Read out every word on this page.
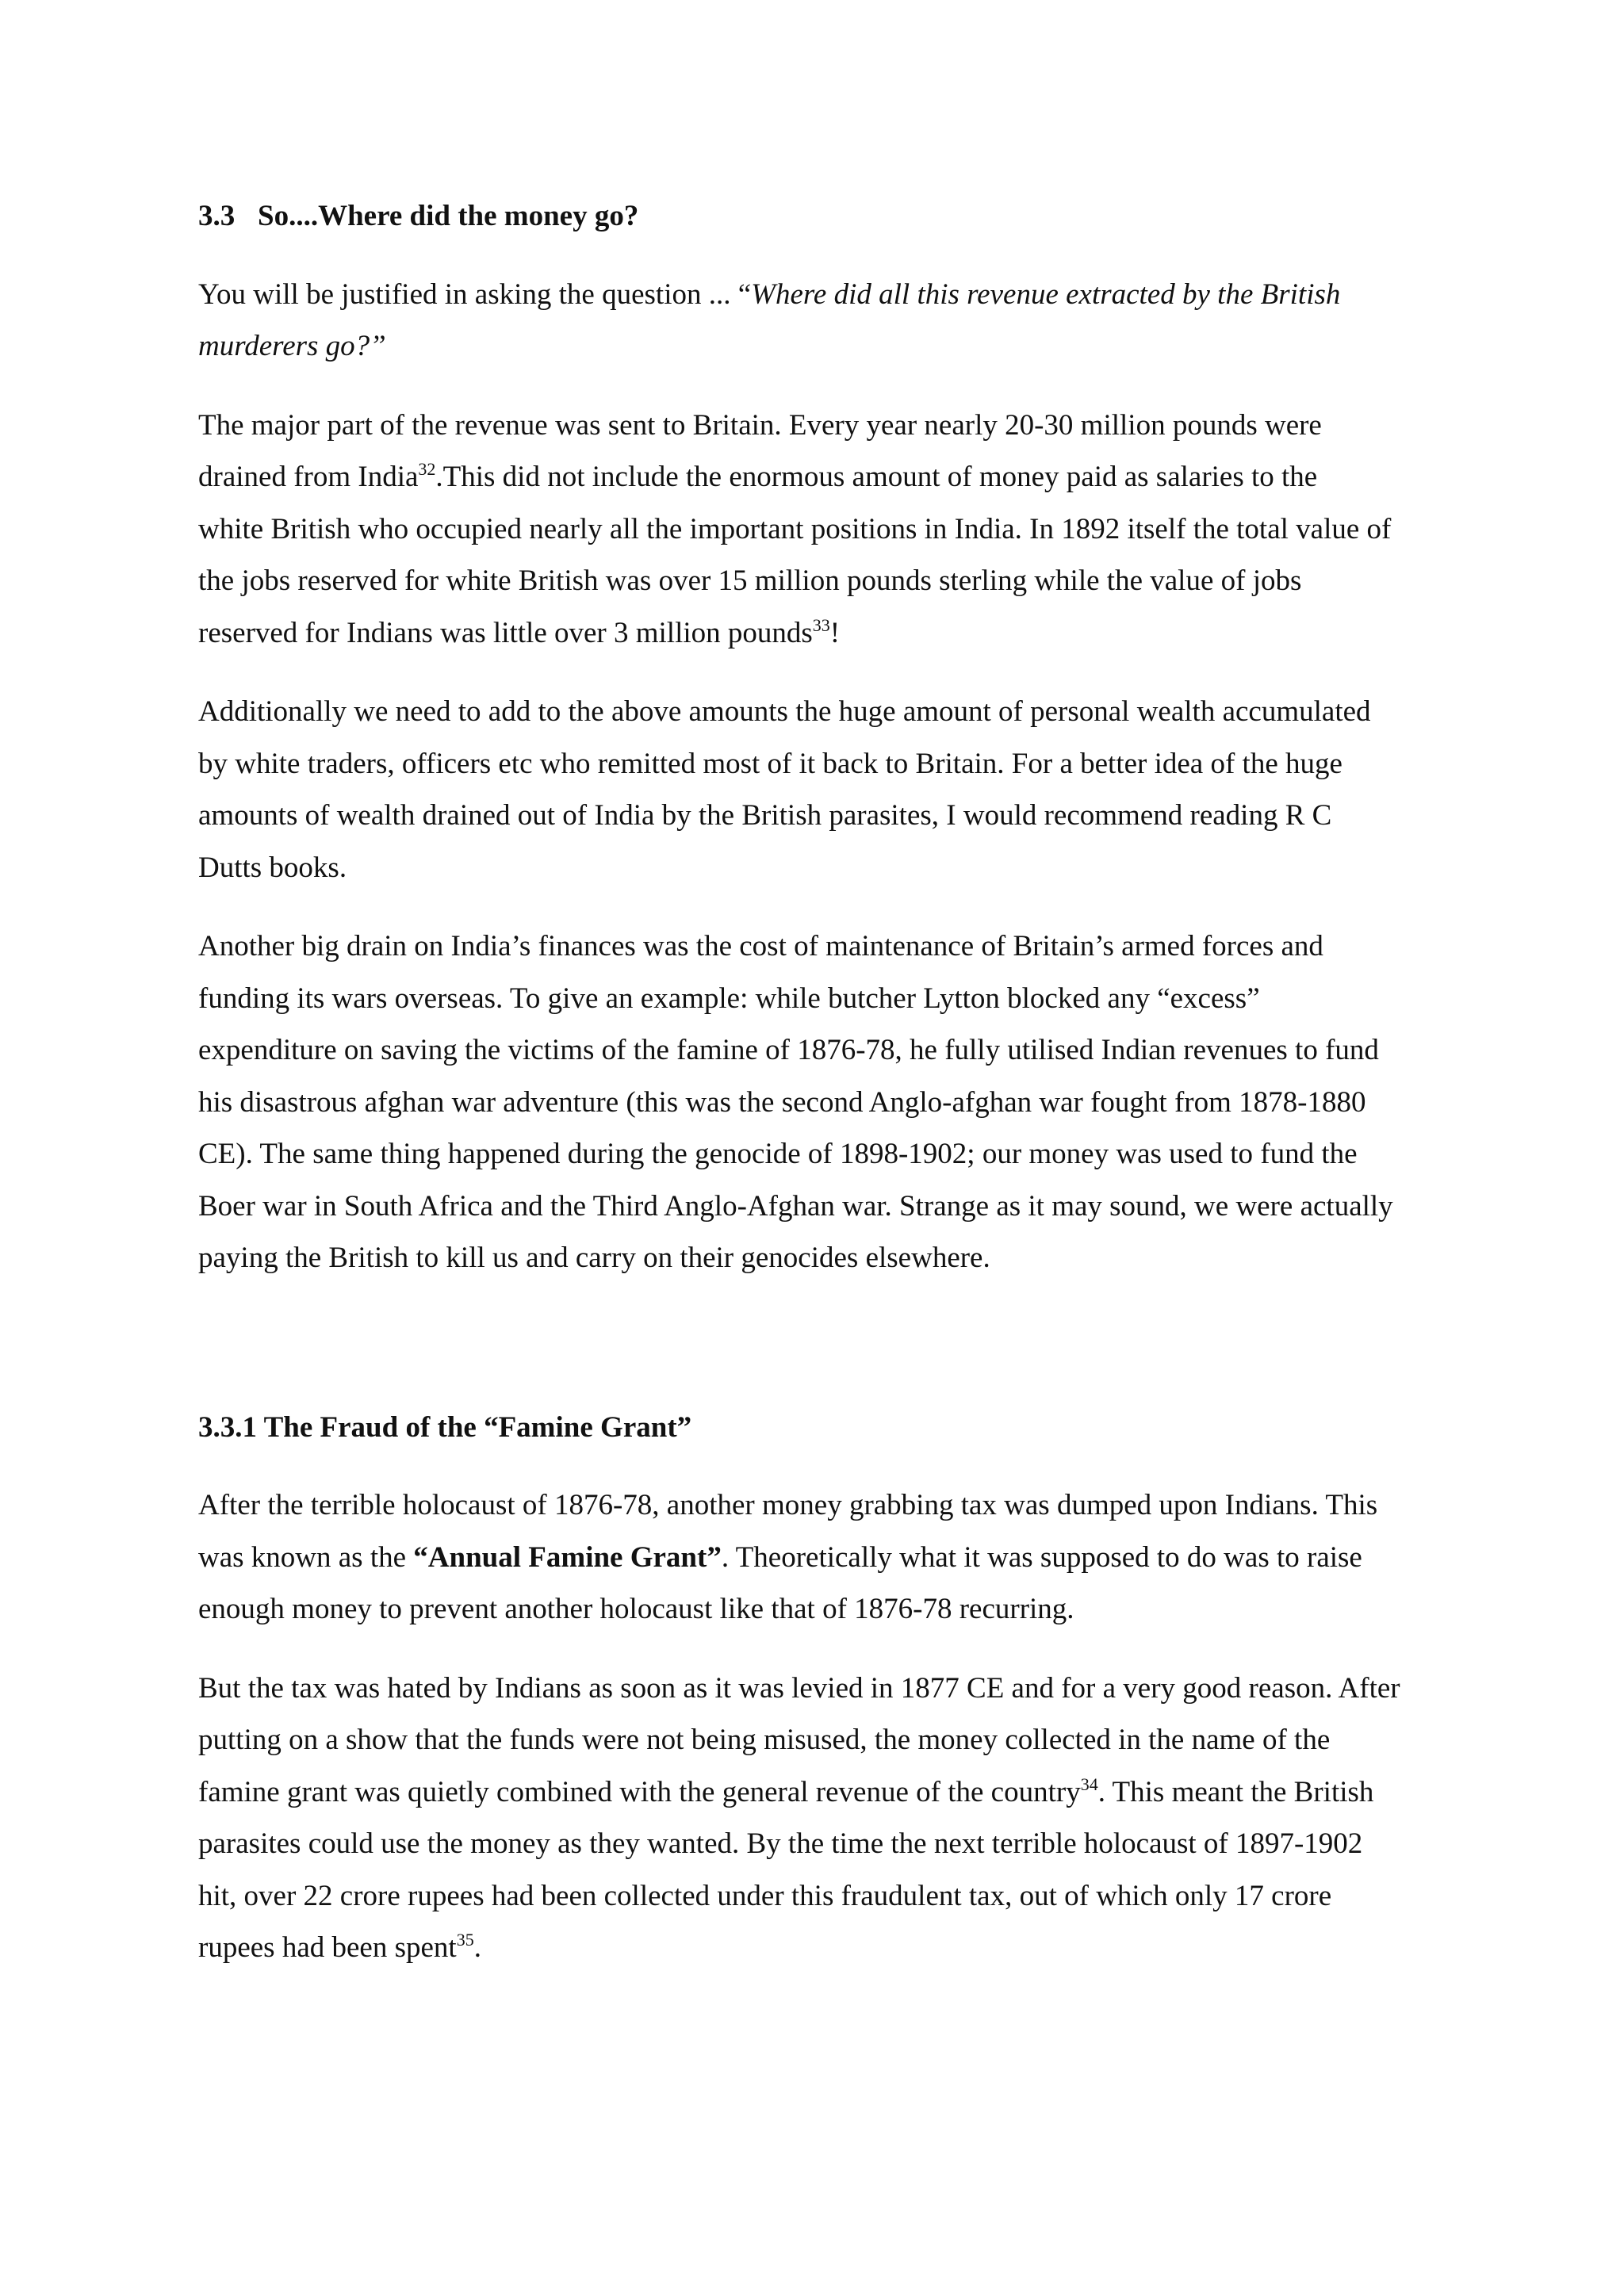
3.3 So....Where did the money go?

You will be justified in asking the question ... “Where did all this revenue extracted by the British
murderers go?”

The major part of the revenue was sent to Britain. Every year nearly 20-30 million pounds were
drained from India$^{32}$.This did not include the enormous amount of money paid as salaries to the
white British who occupied nearly all the important positions in India. In 1892 itself the total value of
the jobs reserved for white British was over 15 million pounds sterling while the value of jobs
reserved for Indians was little over 3 million pounds$^{33}$!

Additionally we need to add to the above amounts the huge amount of personal wealth accumulated
by white traders, officers etc who remitted most of it back to Britain. For a better idea of the huge
amounts of wealth drained out of India by the British parasites, I would recommend reading R C
Dutts books.

Another big drain on India’s finances was the cost of maintenance of Britain’s armed forces and
funding its wars overseas. To give an example: while butcher Lytton blocked any “excess”
expenditure on saving the victims of the famine of 1876-78, he fully utilised Indian revenues to fund
his disastrous afghan war adventure (this was the second Anglo-afghan war fought from 1878-1880
CE). The same thing happened during the genocide of 1898-1902; our money was used to fund the
Boer war in South Africa and the Third Anglo-Afghan war. Strange as it may sound, we were actually
paying the British to kill us and carry on their genocides elsewhere.

3.3.1 The Fraud of the “Famine Grant”

After the terrible holocaust of 1876-78, another money grabbing tax was dumped upon Indians. This
was known as the “Annual Famine Grant”. Theoretically what it was supposed to do was to raise
enough money to prevent another holocaust like that of 1876-78 recurring.

But the tax was hated by Indians as soon as it was levied in 1877 CE and for a very good reason. After
putting on a show that the funds were not being misused, the money collected in the name of the
famine grant was quietly combined with the general revenue of the country$^{34}$. This meant the British
parasites could use the money as they wanted. By the time the next terrible holocaust of 1897-1902
hit, over 22 crore rupees had been collected under this fraudulent tax, out of which only 17 crore
rupees had been spent$^{35}$.
